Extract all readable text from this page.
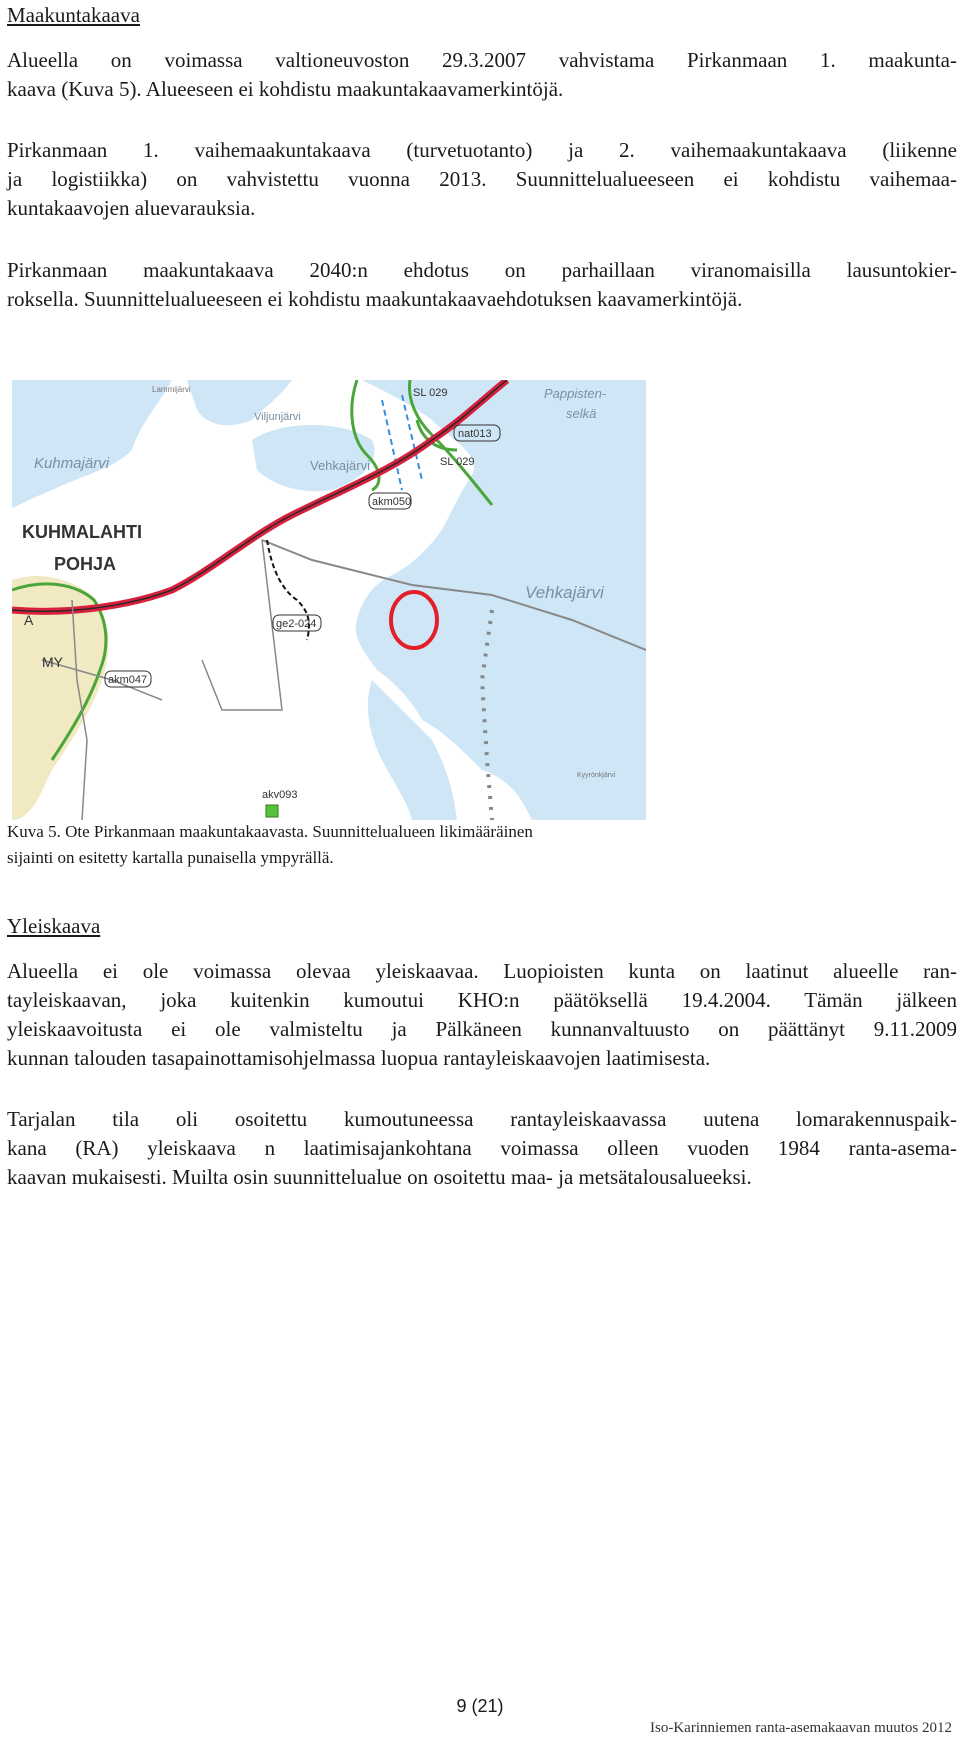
Maakuntakaava

Alueella on voimassa valtioneuvoston 29.3.2007 vahvistama Pirkanmaan 1. maakunta-
kaava (Kuva 5). Alueeseen ei kohdistu maakuntakaavamerkintöjä.

Pirkanmaan 1. vaihemaakuntakaava (turvetuotanto) ja 2. vaihemaakuntakaava (liikenne
ja logistiikka) on vahvistettu vuonna 2013. Suunnittelualueeseen ei kohdistu vaihemaa-
kuntakaavojen aluevarauksia.

Pirkanmaan maakuntakaava 2040:n ehdotus on parhaillaan viranomaisilla lausuntokier-
roksella. Suunnittelualueeseen ei kohdistu maakuntakaavaehdotuksen kaavamerkintöjä.

Lammijärvi
Viljunjärvi
Kuhmajärvi	Vehkajärvi
Vehkajärvi
Pappisten-
selkä
KUHMALAHTI
POHJA
A
MY
SL 029
SL 029
nat013
akm050
ge2-024
akm047
akv093
Kyyrönkjärvi
Kuva 5. Ote Pirkanmaan maakuntakaavasta. Suunnittelualueen likimääräinen
sijainti on esitetty kartalla punaisella ympyrällä.
Yleiskaava

Alueella ei ole voimassa olevaa yleiskaavaa. Luopioisten kunta on laatinut alueelle ran-
tayleiskaavan, joka kuitenkin kumoutui KHO:n päätöksellä 19.4.2004. Tämän jälkeen
yleiskaavoitusta ei ole valmisteltu ja Pälkäneen kunnanvaltuusto on päättänyt 9.11.2009
kunnan talouden tasapainottamisohjelmassa luopua rantayleiskaavojen laatimisesta.

Tarjalan tila oli osoitettu kumoutuneessa rantayleiskaavassa uutena lomarakennuspaik-
kana (RA) yleiskaava n laatimisajankohtana voimassa olleen vuoden 1984 ranta-asema-
kaavan mukaisesti. Muilta osin suunnittelualue on osoitettu maa- ja metsätalousalueeksi.

9 (21)
Iso-Karinniemen ranta-asemakaavan muutos 2012
